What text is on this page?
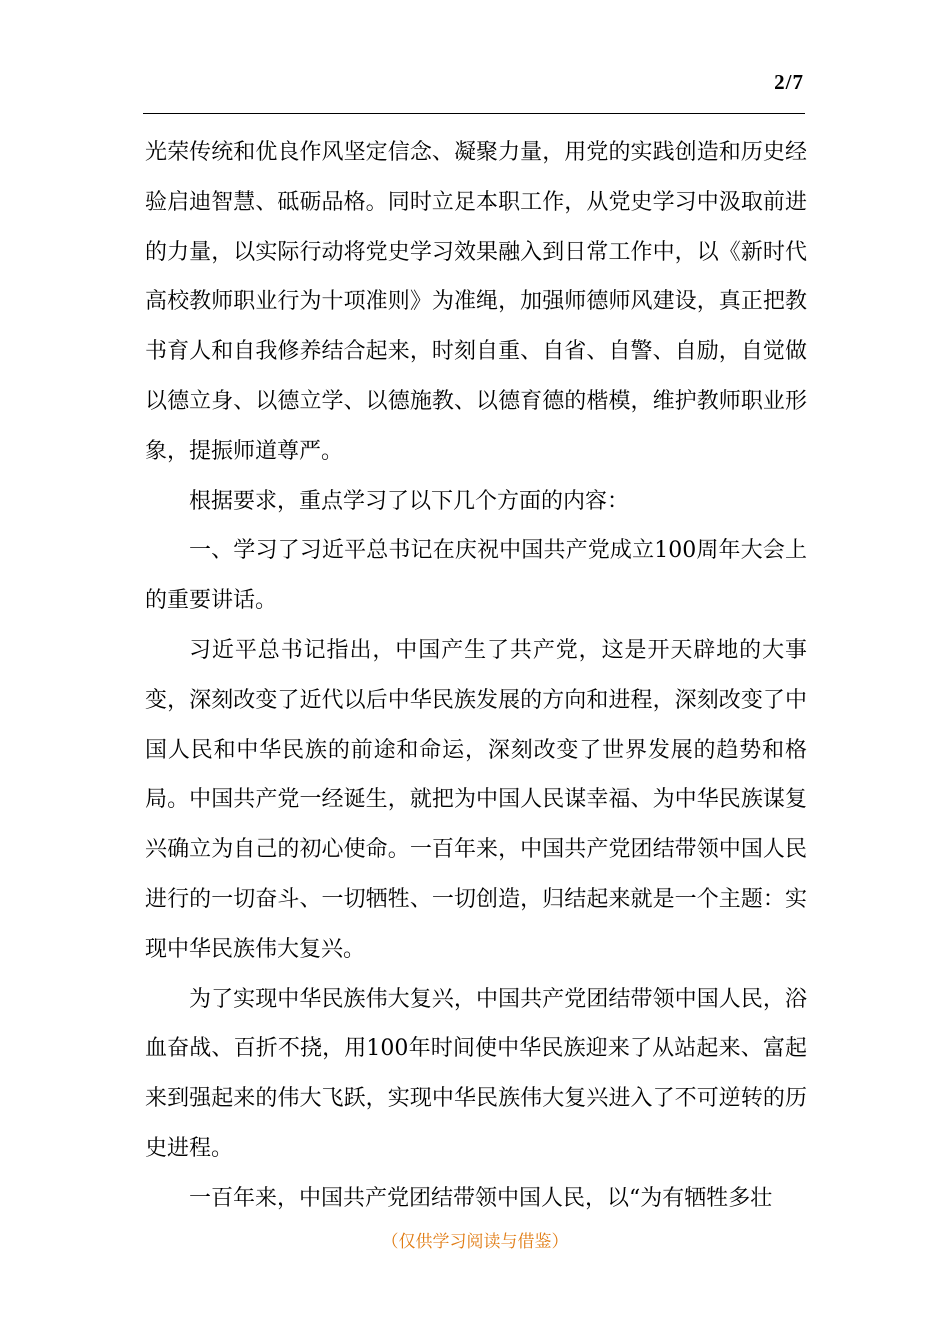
2/7

光荣传统和优良作风坚定信念、凝聚力量，用党的实践创造和历史经验启迪智慧、砥砺品格。同时立足本职工作，从党史学习中汲取前进的力量，以实际行动将党史学习效果融入到日常工作中，以《新时代高校教师职业行为十项准则》为准绳，加强师德师风建设，真正把教书育人和自我修养结合起来，时刻自重、自省、自警、自励，自觉做以德立身、以德立学、以德施教、以德育德的楷模，维护教师职业形象，提振师道尊严。

根据要求，重点学习了以下几个方面的内容：

一、学习了习近平总书记在庆祝中国共产党成立100周年大会上的重要讲话。

习近平总书记指出，中国产生了共产党，这是开天辟地的大事变，深刻改变了近代以后中华民族发展的方向和进程，深刻改变了中国人民和中华民族的前途和命运，深刻改变了世界发展的趋势和格局。中国共产党一经诞生，就把为中国人民谋幸福、为中华民族谋复兴确立为自己的初心使命。一百年来，中国共产党团结带领中国人民进行的一切奋斗、一切牺牲、一切创造，归结起来就是一个主题：实现中华民族伟大复兴。

为了实现中华民族伟大复兴，中国共产党团结带领中国人民，浴血奋战、百折不挠，用100年时间使中华民族迎来了从站起来、富起来到强起来的伟大飞跃，实现中华民族伟大复兴进入了不可逆转的历史进程。

一百年来，中国共产党团结带领中国人民，以“为有牺牲多壮

（仅供学习阅读与借鉴）
